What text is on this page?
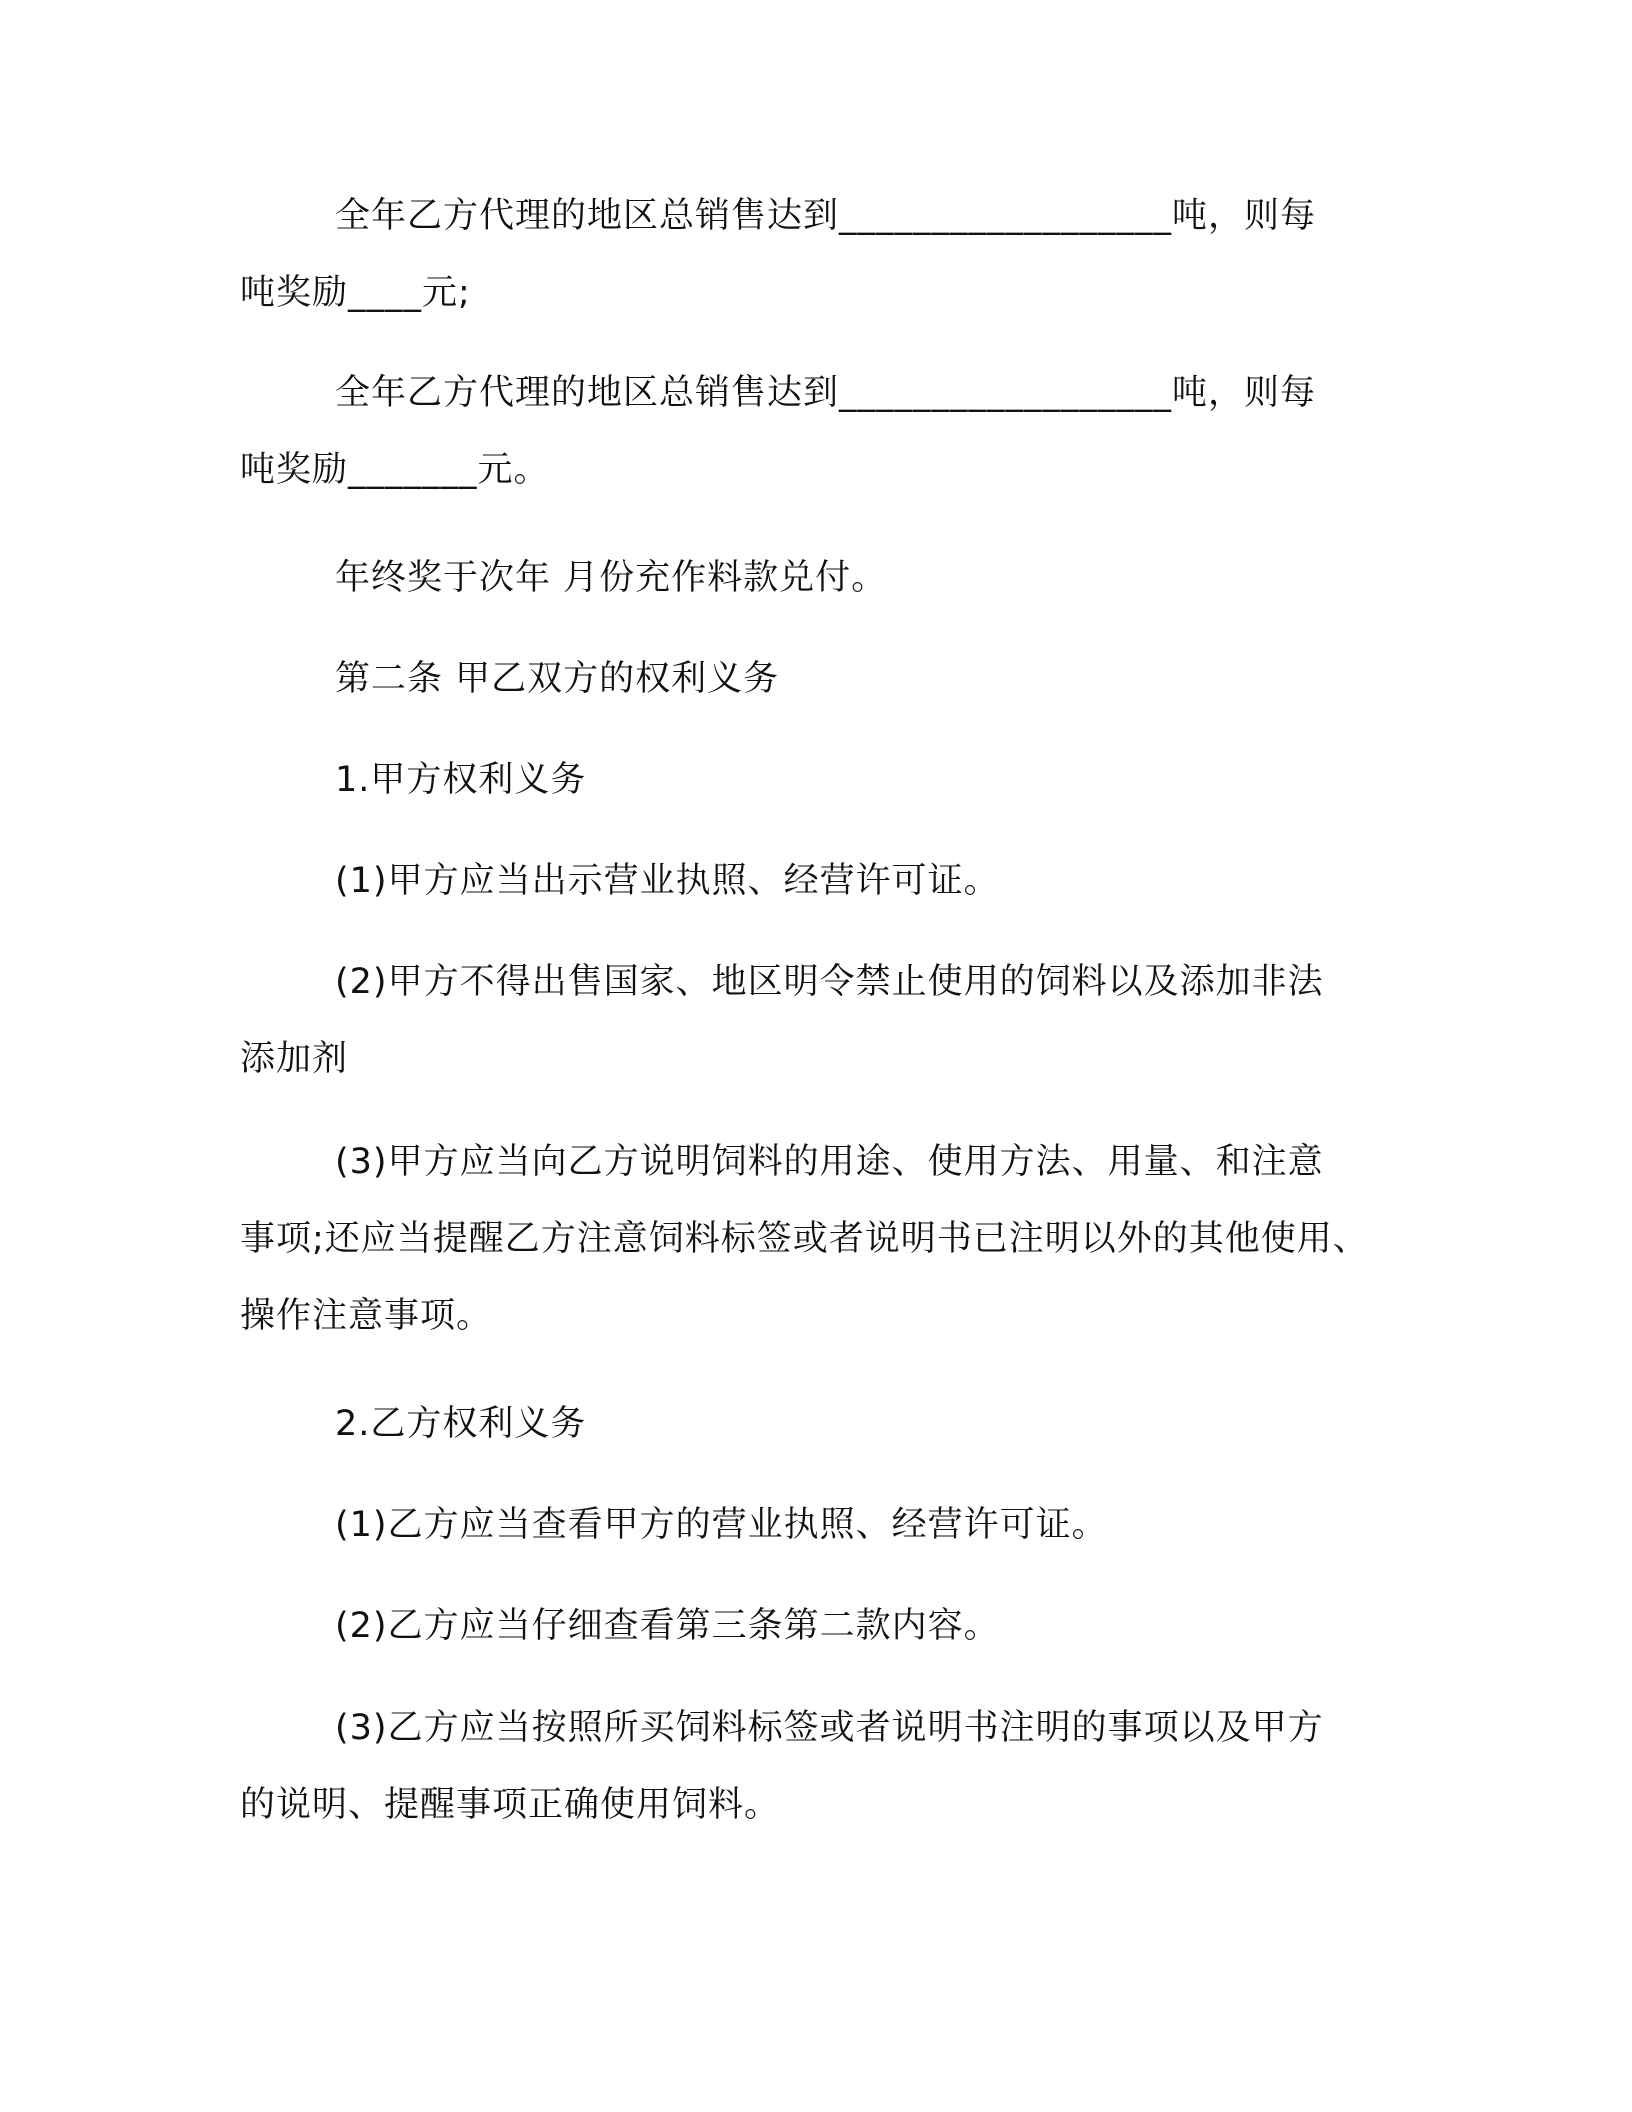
全年乙方代理的地区总销售达到__________________吨，则每
吨奖励____元;
全年乙方代理的地区总销售达到__________________吨，则每
吨奖励_______元。
年终奖于次年 月份充作料款兑付。
第二条 甲乙双方的权利义务
1.甲方权利义务
(1)甲方应当出示营业执照、经营许可证。
(2)甲方不得出售国家、地区明令禁止使用的饲料以及添加非法
添加剂
(3)甲方应当向乙方说明饲料的用途、使用方法、用量、和注意
事项;还应当提醒乙方注意饲料标签或者说明书已注明以外的其他使用、
操作注意事项。
2.乙方权利义务
(1)乙方应当查看甲方的营业执照、经营许可证。
(2)乙方应当仔细查看第三条第二款内容。
(3)乙方应当按照所买饲料标签或者说明书注明的事项以及甲方
的说明、提醒事项正确使用饲料。
